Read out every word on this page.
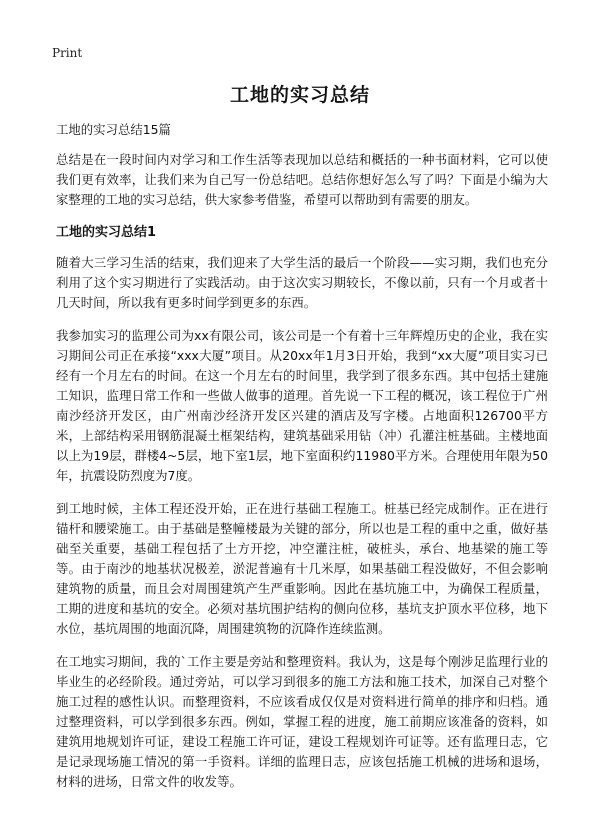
Print
工地的实习总结

工地的实习总结15篇

总结是在一段时间内对学习和工作生活等表现加以总结和概括的一种书面材料，它可以使我们更有效率，让我们来为自己写一份总结吧。总结你想好怎么写了吗？下面是小编为大家整理的工地的实习总结，供大家参考借鉴，希望可以帮助到有需要的朋友。

工地的实习总结1

随着大三学习生活的结束，我们迎来了大学生活的最后一个阶段——实习期，我们也充分利用了这个实习期进行了实践活动。由于这次实习期较长，不像以前，只有一个月或者十几天时间，所以我有更多时间学到更多的东西。

我参加实习的监理公司为xx有限公司，该公司是一个有着十三年辉煌历史的企业，我在实习期间公司正在承接“xxx大厦”项目。从20xx年1月3日开始，我到“xx大厦”项目实习已经有一个月左右的时间。在这一个月左右的时间里，我学到了很多东西。其中包括土建施工知识，监理日常工作和一些做人做事的道理。首先说一下工程的概况，该工程位于广州南沙经济开发区，由广州南沙经济开发区兴建的酒店及写字楼。占地面积126700平方米，上部结构采用钢筋混凝土框架结构，建筑基础采用钻（冲）孔灌注桩基础。主楼地面以上为19层，群楼4~5层，地下室1层，地下室面积约11980平方米。合理使用年限为50年，抗震设防烈度为7度。

到工地时候，主体工程还没开始，正在进行基础工程施工。桩基已经完成制作。正在进行锚杆和腰梁施工。由于基础是整幢楼最为关键的部分，所以也是工程的重中之重，做好基础至关重要，基础工程包括了土方开挖，冲空灌注桩，破桩头，承台、地基梁的施工等等。由于南沙的地基状况极差，淤泥普遍有十几米厚，如果基础工程没做好，不但会影响建筑物的质量，而且会对周围建筑产生严重影响。因此在基坑施工中，为确保工程质量，工期的进度和基坑的安全。必须对基坑围护结构的侧向位移，基坑支护顶水平位移，地下水位，基坑周围的地面沉降，周围建筑物的沉降作连续监测。

在工地实习期间，我的`工作主要是旁站和整理资料。我认为，这是每个刚涉足监理行业的毕业生的必经阶段。通过旁站，可以学习到很多的施工方法和施工技术，加深自己对整个施工过程的感性认识。而整理资料，不应该看成仅仅是对资料进行简单的排序和归档。通过整理资料，可以学到很多东西。例如，掌握工程的进度，施工前期应该准备的资料，如建筑用地规划许可证，建设工程施工许可证，建设工程规划许可证等。还有监理日志，它是记录现场施工情况的第一手资料。详细的监理日志，应该包括施工机械的进场和退场，材料的进场，日常文件的收发等。
